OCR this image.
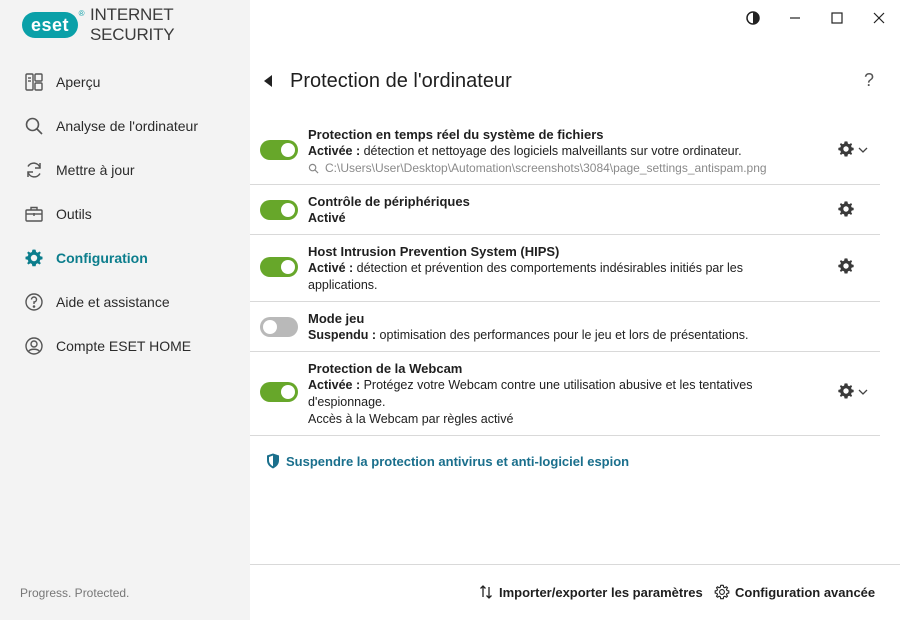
eset
® INTERNET SECURITY
Aperçu
Analyse de l'ordinateur
Mettre à jour
Outils
Configuration
Aide et assistance
Compte ESET HOME
Progress. Protected.
Protection de l'ordinateur	?
Protection en temps réel du système de fichiers
Activée : détection et nettoyage des logiciels malveillants sur votre ordinateur.
C:\Users\User\Desktop\Automation\screenshots\3084\page_settings_antispam.png
Contrôle de périphériques
Activé
Host Intrusion Prevention System (HIPS)
Activé : détection et prévention des comportements indésirables initiés par les applications.
Mode jeu
Suspendu : optimisation des performances pour le jeu et lors de présentations.
Protection de la Webcam
Activée : Protégez votre Webcam contre une utilisation abusive et les tentatives d'espionnage.
Accès à la Webcam par règles activé
Suspendre la protection antivirus et anti-logiciel espion
Importer/exporter les paramètres Configuration avancée
